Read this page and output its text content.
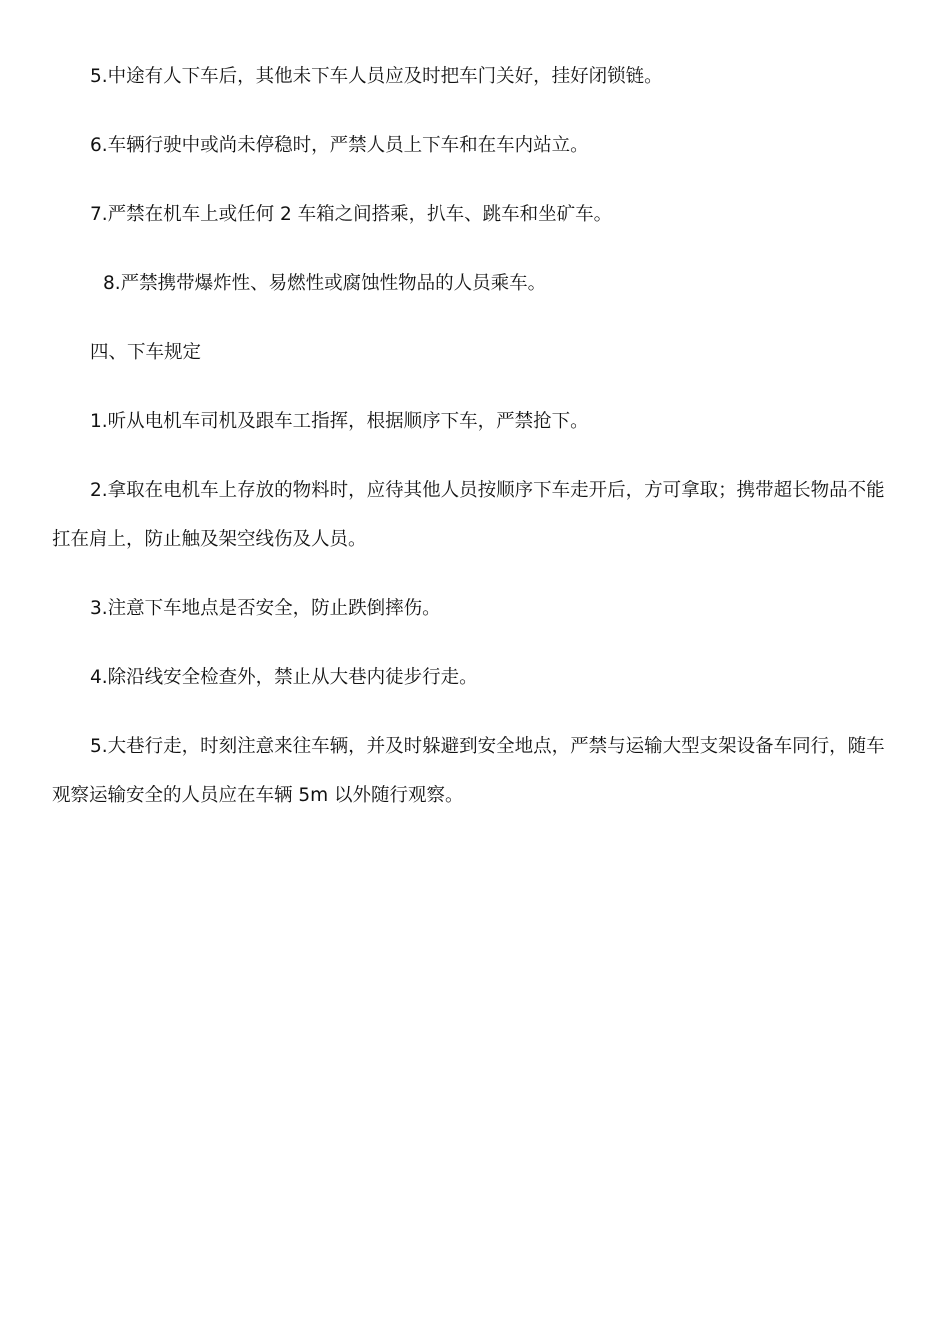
5.中途有人下车后，其他未下车人员应及时把车门关好，挂好闭锁链。

6.车辆行驶中或尚未停稳时，严禁人员上下车和在车内站立。

7.严禁在机车上或任何 2 车箱之间搭乘，扒车、跳车和坐矿车。

8.严禁携带爆炸性、易燃性或腐蚀性物品的人员乘车。

四、下车规定

1.听从电机车司机及跟车工指挥，根据顺序下车，严禁抢下。

2.拿取在电机车上存放的物料时，应待其他人员按顺序下车走开后，方可拿取；携带超长物品不能扛在肩上，防止触及架空线伤及人员。

3.注意下车地点是否安全，防止跌倒摔伤。

4.除沿线安全检查外，禁止从大巷内徒步行走。

5.大巷行走，时刻注意来往车辆，并及时躲避到安全地点，严禁与运输大型支架设备车同行，随车观察运输安全的人员应在车辆 5m 以外随行观察。
